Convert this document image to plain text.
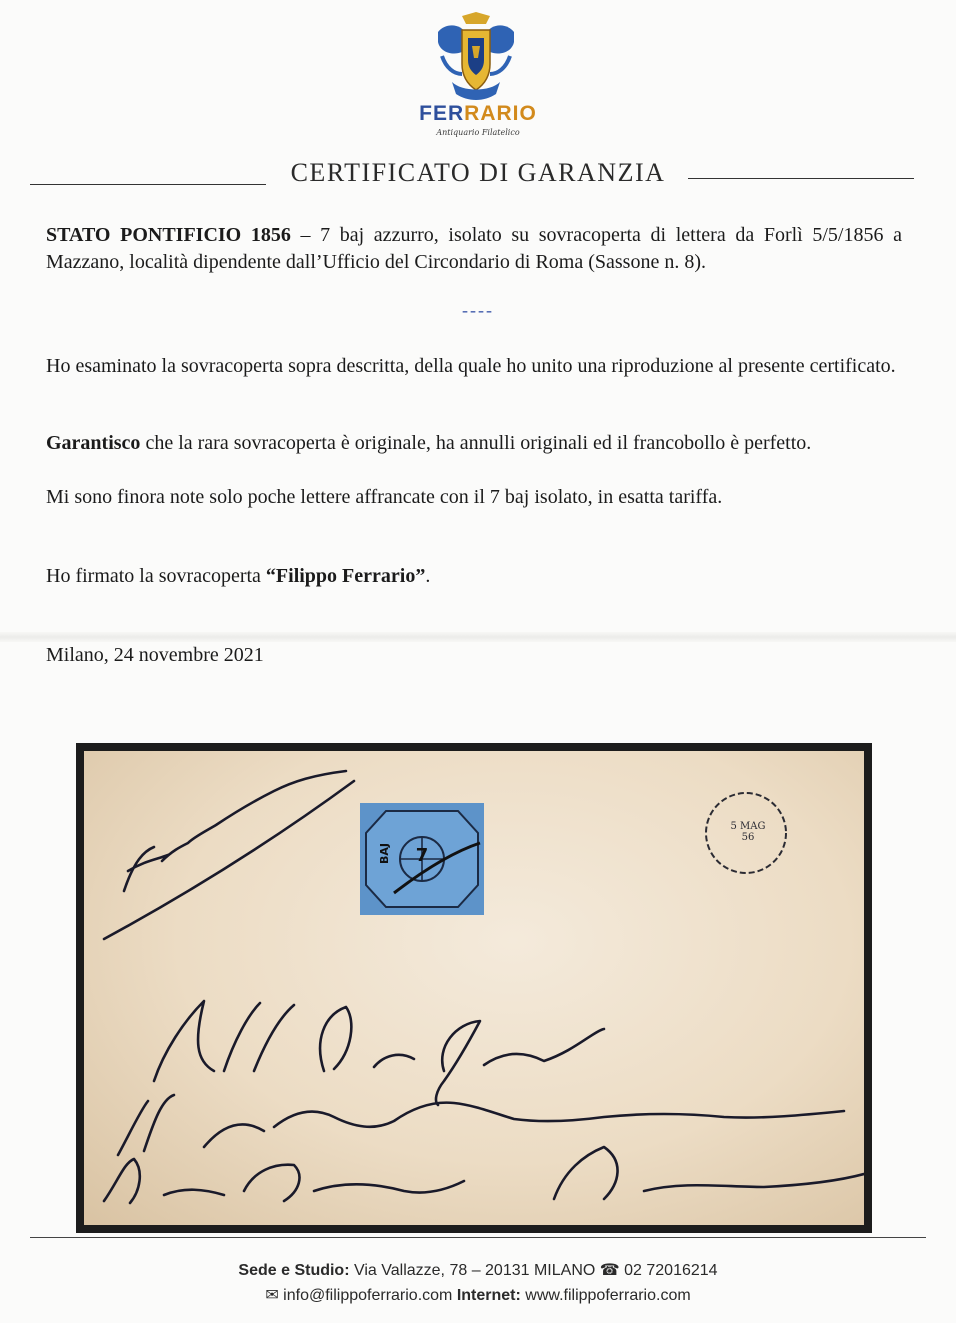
FERRARIO
Antiquario Filatelico
CERTIFICATO DI GARANZIA
STATO PONTIFICIO 1856 – 7 baj azzurro, isolato su sovracoperta di lettera da Forlì 5/5/1856 a Mazzano, località dipendente dall’Ufficio del Circondario di Roma (Sassone n. 8).
----
Ho esaminato la sovracoperta sopra descritta, della quale ho unito una riproduzione al presente certificato.
Garantisco che la rara sovracoperta è originale, ha annulli originali ed il francobollo è perfetto.
Mi sono finora note solo poche lettere affrancate con il 7 baj isolato, in esatta tariffa.
Ho firmato la sovracoperta “Filippo Ferrario”.
Milano, 24 novembre 2021
BAJ	7
5 MAG 56
Sede e Studio: Via Vallazze, 78 – 20131 MILANO ☎ 02 72016214
✉ info@filippoferrario.com Internet: www.filippoferrario.com
